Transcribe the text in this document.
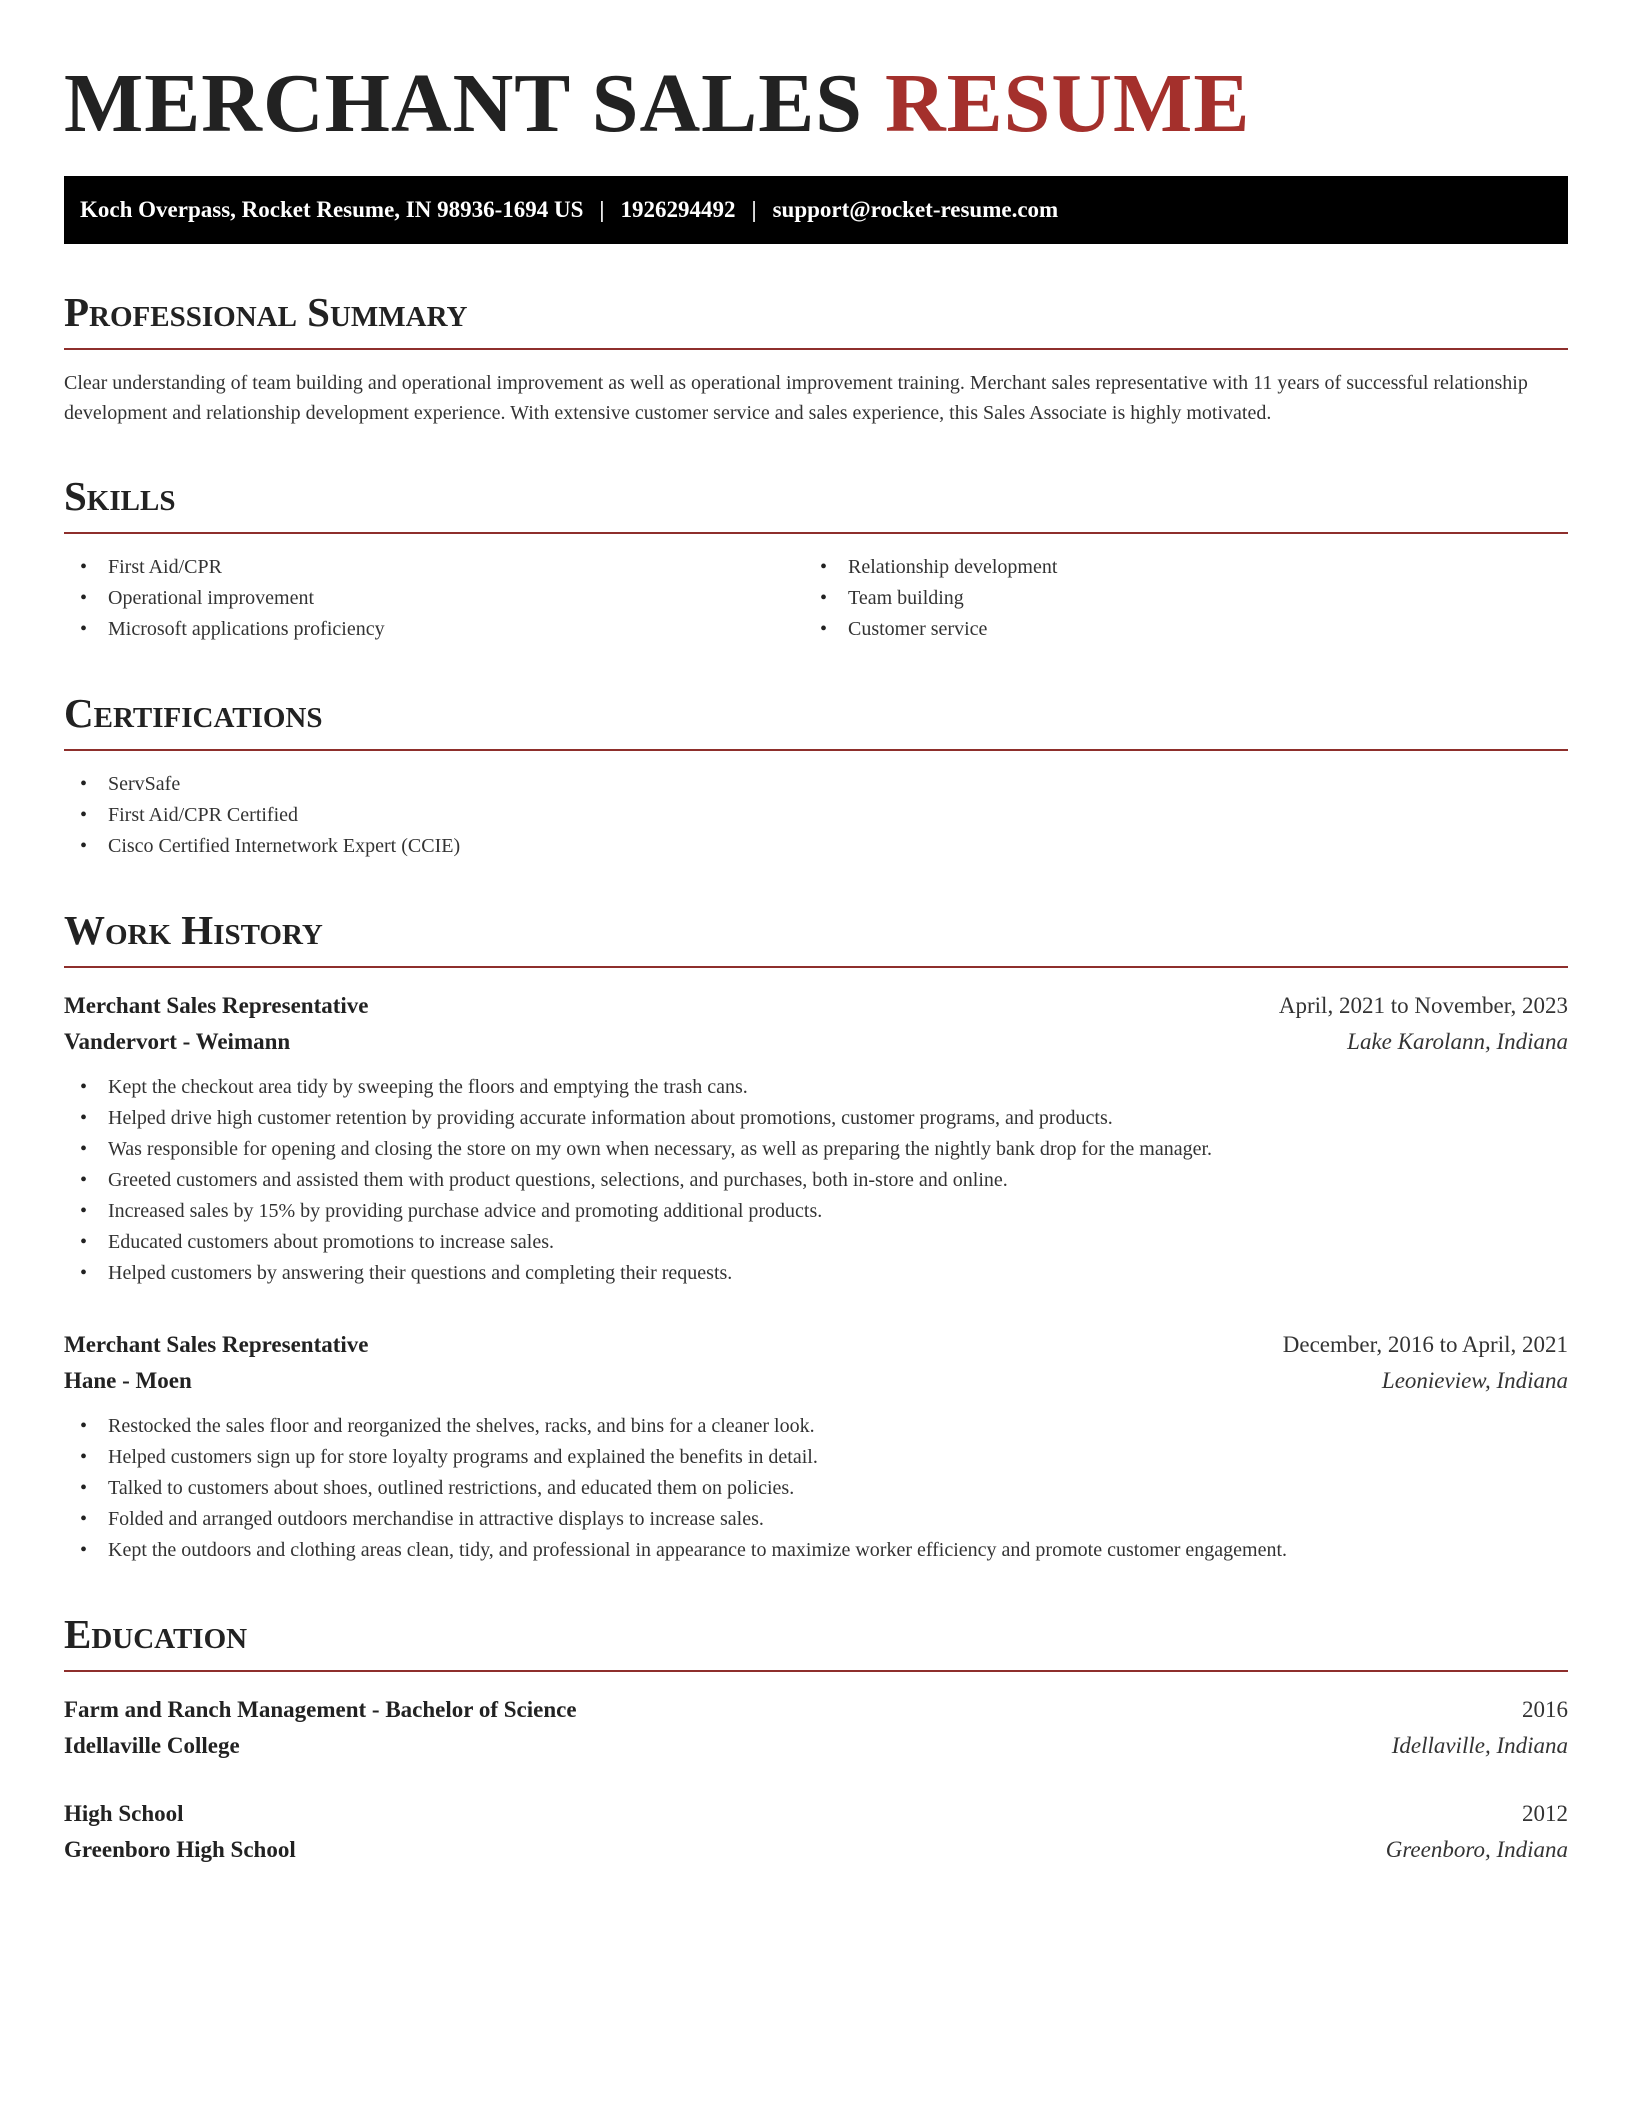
MERCHANT SALES RESUME
Koch Overpass, Rocket Resume, IN 98936-1694 US | 1926294492 | support@rocket-resume.com
Professional Summary

Clear understanding of team building and operational improvement as well as operational improvement training. Merchant sales representative with 11 years of successful relationship development and relationship development experience. With extensive customer service and sales experience, this Sales Associate is highly motivated.

Skills
• First Aid/CPR
• Operational improvement
• Microsoft applications proficiency
• Relationship development
• Team building
• Customer service
Certifications
• ServSafe
• First Aid/CPR Certified
• Cisco Certified Internetwork Expert (CCIE)
Work History
Merchant Sales Representative	April, 2021 to November, 2023
Vandervort - Weimann	Lake Karolann, Indiana
• Kept the checkout area tidy by sweeping the floors and emptying the trash cans.
• Helped drive high customer retention by providing accurate information about promotions, customer programs, and products.
• Was responsible for opening and closing the store on my own when necessary, as well as preparing the nightly bank drop for the manager.
• Greeted customers and assisted them with product questions, selections, and purchases, both in-store and online.
• Increased sales by 15% by providing purchase advice and promoting additional products.
• Educated customers about promotions to increase sales.
• Helped customers by answering their questions and completing their requests.
Merchant Sales Representative	December, 2016 to April, 2021
Hane - Moen	Leonieview, Indiana
• Restocked the sales floor and reorganized the shelves, racks, and bins for a cleaner look.
• Helped customers sign up for store loyalty programs and explained the benefits in detail.
• Talked to customers about shoes, outlined restrictions, and educated them on policies.
• Folded and arranged outdoors merchandise in attractive displays to increase sales.
• Kept the outdoors and clothing areas clean, tidy, and professional in appearance to maximize worker efficiency and promote customer engagement.
Education
Farm and Ranch Management - Bachelor of Science	2016
Idellaville College	Idellaville, Indiana
High School	2012
Greenboro High School	Greenboro, Indiana
